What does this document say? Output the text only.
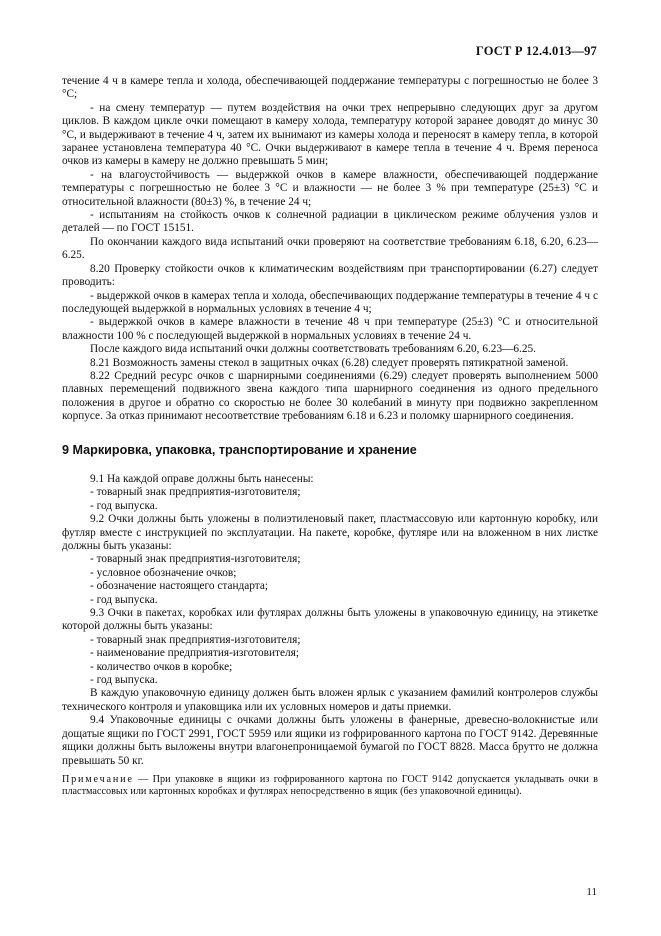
ГОСТ Р 12.4.013—97

течение 4 ч в камере тепла и холода, обеспечивающей поддержание температуры с погрешностью не более 3 °С;

- на смену температур — путем воздействия на очки трех непрерывно следующих друг за другом циклов. В каждом цикле очки помещают в камеру холода, температуру которой заранее доводят до минус 30 °С, и выдерживают в течение 4 ч, затем их вынимают из камеры холода и переносят в камеру тепла, в которой заранее установлена температура 40 °С. Очки выдерживают в камере тепла в течение 4 ч. Время переноса очков из камеры в камеру не должно превышать 5 мин;

- на влагоустойчивость — выдержкой очков в камере влажности, обеспечивающей поддержание температуры с погрешностью не более 3 °С и влажности — не более 3 % при температуре (25±3) °С и относительной влажности (80±3) %, в течение 24 ч;

- испытаниям на стойкость очков к солнечной радиации в циклическом режиме облучения узлов и деталей — по ГОСТ 15151.

По окончании каждого вида испытаний очки проверяют на соответствие требованиям 6.18, 6.20, 6.23—6.25.

8.20 Проверку стойкости очков к климатическим воздействиям при транспортировании (6.27) следует проводить:

- выдержкой очков в камерах тепла и холода, обеспечивающих поддержание температуры в течение 4 ч с последующей выдержкой в нормальных условиях в течение 4 ч;

- выдержкой очков в камере влажности в течение 48 ч при температуре (25±3) °С и относительной влажности 100 % с последующей выдержкой в нормальных условиях в течение 24 ч.

После каждого вида испытаний очки должны соответствовать требованиям 6.20, 6.23—6.25.

8.21 Возможность замены стекол в защитных очках (6.28) следует проверять пятикратной заменой.

8.22 Средний ресурс очков с шарнирными соединениями (6.29) следует проверять выполнением 5000 плавных перемещений подвижного звена каждого типа шарнирного соединения из одного предельного положения в другое и обратно со скоростью не более 30 колебаний в минуту при подвижно закрепленном корпусе. За отказ принимают несоответствие требованиям 6.18 и 6.23 и поломку шарнирного соединения.

9 Маркировка, упаковка, транспортирование и хранение

9.1 На каждой оправе должны быть нанесены:

- товарный знак предприятия-изготовителя;

- год выпуска.

9.2 Очки должны быть уложены в полиэтиленовый пакет, пластмассовую или картонную коробку, или футляр вместе с инструкцией по эксплуатации. На пакете, коробке, футляре или на вложенном в них листке должны быть указаны:

- товарный знак предприятия-изготовителя;

- условное обозначение очков;

- обозначение настоящего стандарта;

- год выпуска.

9.3 Очки в пакетах, коробках или футлярах должны быть уложены в упаковочную единицу, на этикетке которой должны быть указаны:

- товарный знак предприятия-изготовителя;

- наименование предприятия-изготовителя;

- количество очков в коробке;

- год выпуска.

В каждую упаковочную единицу должен быть вложен ярлык с указанием фамилий контролеров службы технического контроля и упаковщика или их условных номеров и даты приемки.

9.4 Упаковочные единицы с очками должны быть уложены в фанерные, древесно-волокнистые или дощатые ящики по ГОСТ 2991, ГОСТ 5959 или ящики из гофрированного картона по ГОСТ 9142. Деревянные ящики должны быть выложены внутри влагонепроницаемой бумагой по ГОСТ 8828. Масса брутто не должна превышать 50 кг.

Примечание — При упаковке в ящики из гофрированного картона по ГОСТ 9142 допускается укладывать очки в пластмассовых или картонных коробках и футлярах непосредственно в ящик (без упаковочной единицы).

11
